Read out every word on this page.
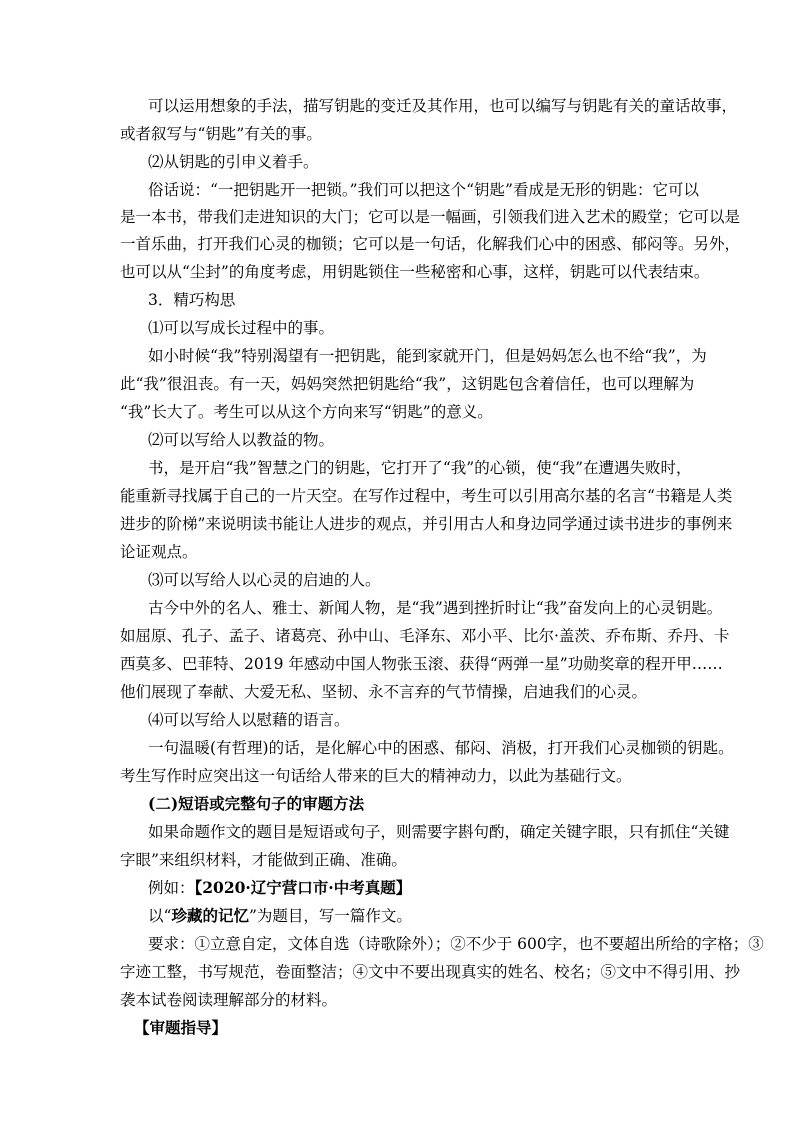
可以运用想象的手法，描写钥匙的变迁及其作用，也可以编写与钥匙有关的童话故事，
或者叙写与“钥匙”有关的事。
⑵从钥匙的引申义着手。
俗话说：“一把钥匙开一把锁。”我们可以把这个“钥匙”看成是无形的钥匙：它可以
是一本书，带我们走进知识的大门；它可以是一幅画，引领我们进入艺术的殿堂；它可以是
一首乐曲，打开我们心灵的枷锁；它可以是一句话，化解我们心中的困惑、郁闷等。另外，
也可以从“尘封”的角度考虑，用钥匙锁住一些秘密和心事，这样，钥匙可以代表结束。
3．精巧构思
⑴可以写成长过程中的事。
如小时候“我”特别渴望有一把钥匙，能到家就开门，但是妈妈怎么也不给“我”，为
此“我”很沮丧。有一天，妈妈突然把钥匙给“我”，这钥匙包含着信任，也可以理解为
“我”长大了。考生可以从这个方向来写“钥匙”的意义。
⑵可以写给人以教益的物。
书，是开启“我”智慧之门的钥匙，它打开了“我”的心锁，使“我”在遭遇失败时，
能重新寻找属于自己的一片天空。在写作过程中，考生可以引用高尔基的名言“书籍是人类
进步的阶梯”来说明读书能让人进步的观点，并引用古人和身边同学通过读书进步的事例来
论证观点。
⑶可以写给人以心灵的启迪的人。
古今中外的名人、雅士、新闻人物，是“我”遇到挫折时让“我”奋发向上的心灵钥匙。
如屈原、孔子、孟子、诸葛亮、孙中山、毛泽东、邓小平、比尔·盖茨、乔布斯、乔丹、卡
西莫多、巴菲特、2019 年感动中国人物张玉滚、获得“两弹一星”功勋奖章的程开甲……
他们展现了奉献、大爱无私、坚韧、永不言弃的气节情操，启迪我们的心灵。
⑷可以写给人以慰藉的语言。
一句温暖(有哲理)的话，是化解心中的困惑、郁闷、消极，打开我们心灵枷锁的钥匙。
考生写作时应突出这一句话给人带来的巨大的精神动力，以此为基础行文。
(二)短语或完整句子的审题方法
如果命题作文的题目是短语或句子，则需要字斟句酌，确定关键字眼，只有抓住“关键
字眼”来组织材料，才能做到正确、准确。
例如：【2020·辽宁营口市·中考真题】
以“珍藏的记忆”为题目，写一篇作文。
要求：①立意自定，文体自选（诗歌除外）；②不少于 600字，也不要超出所给的字格；③
字迹工整，书写规范，卷面整洁；④文中不要出现真实的姓名、校名；⑤文中不得引用、抄
袭本试卷阅读理解部分的材料。
【审题指导】
